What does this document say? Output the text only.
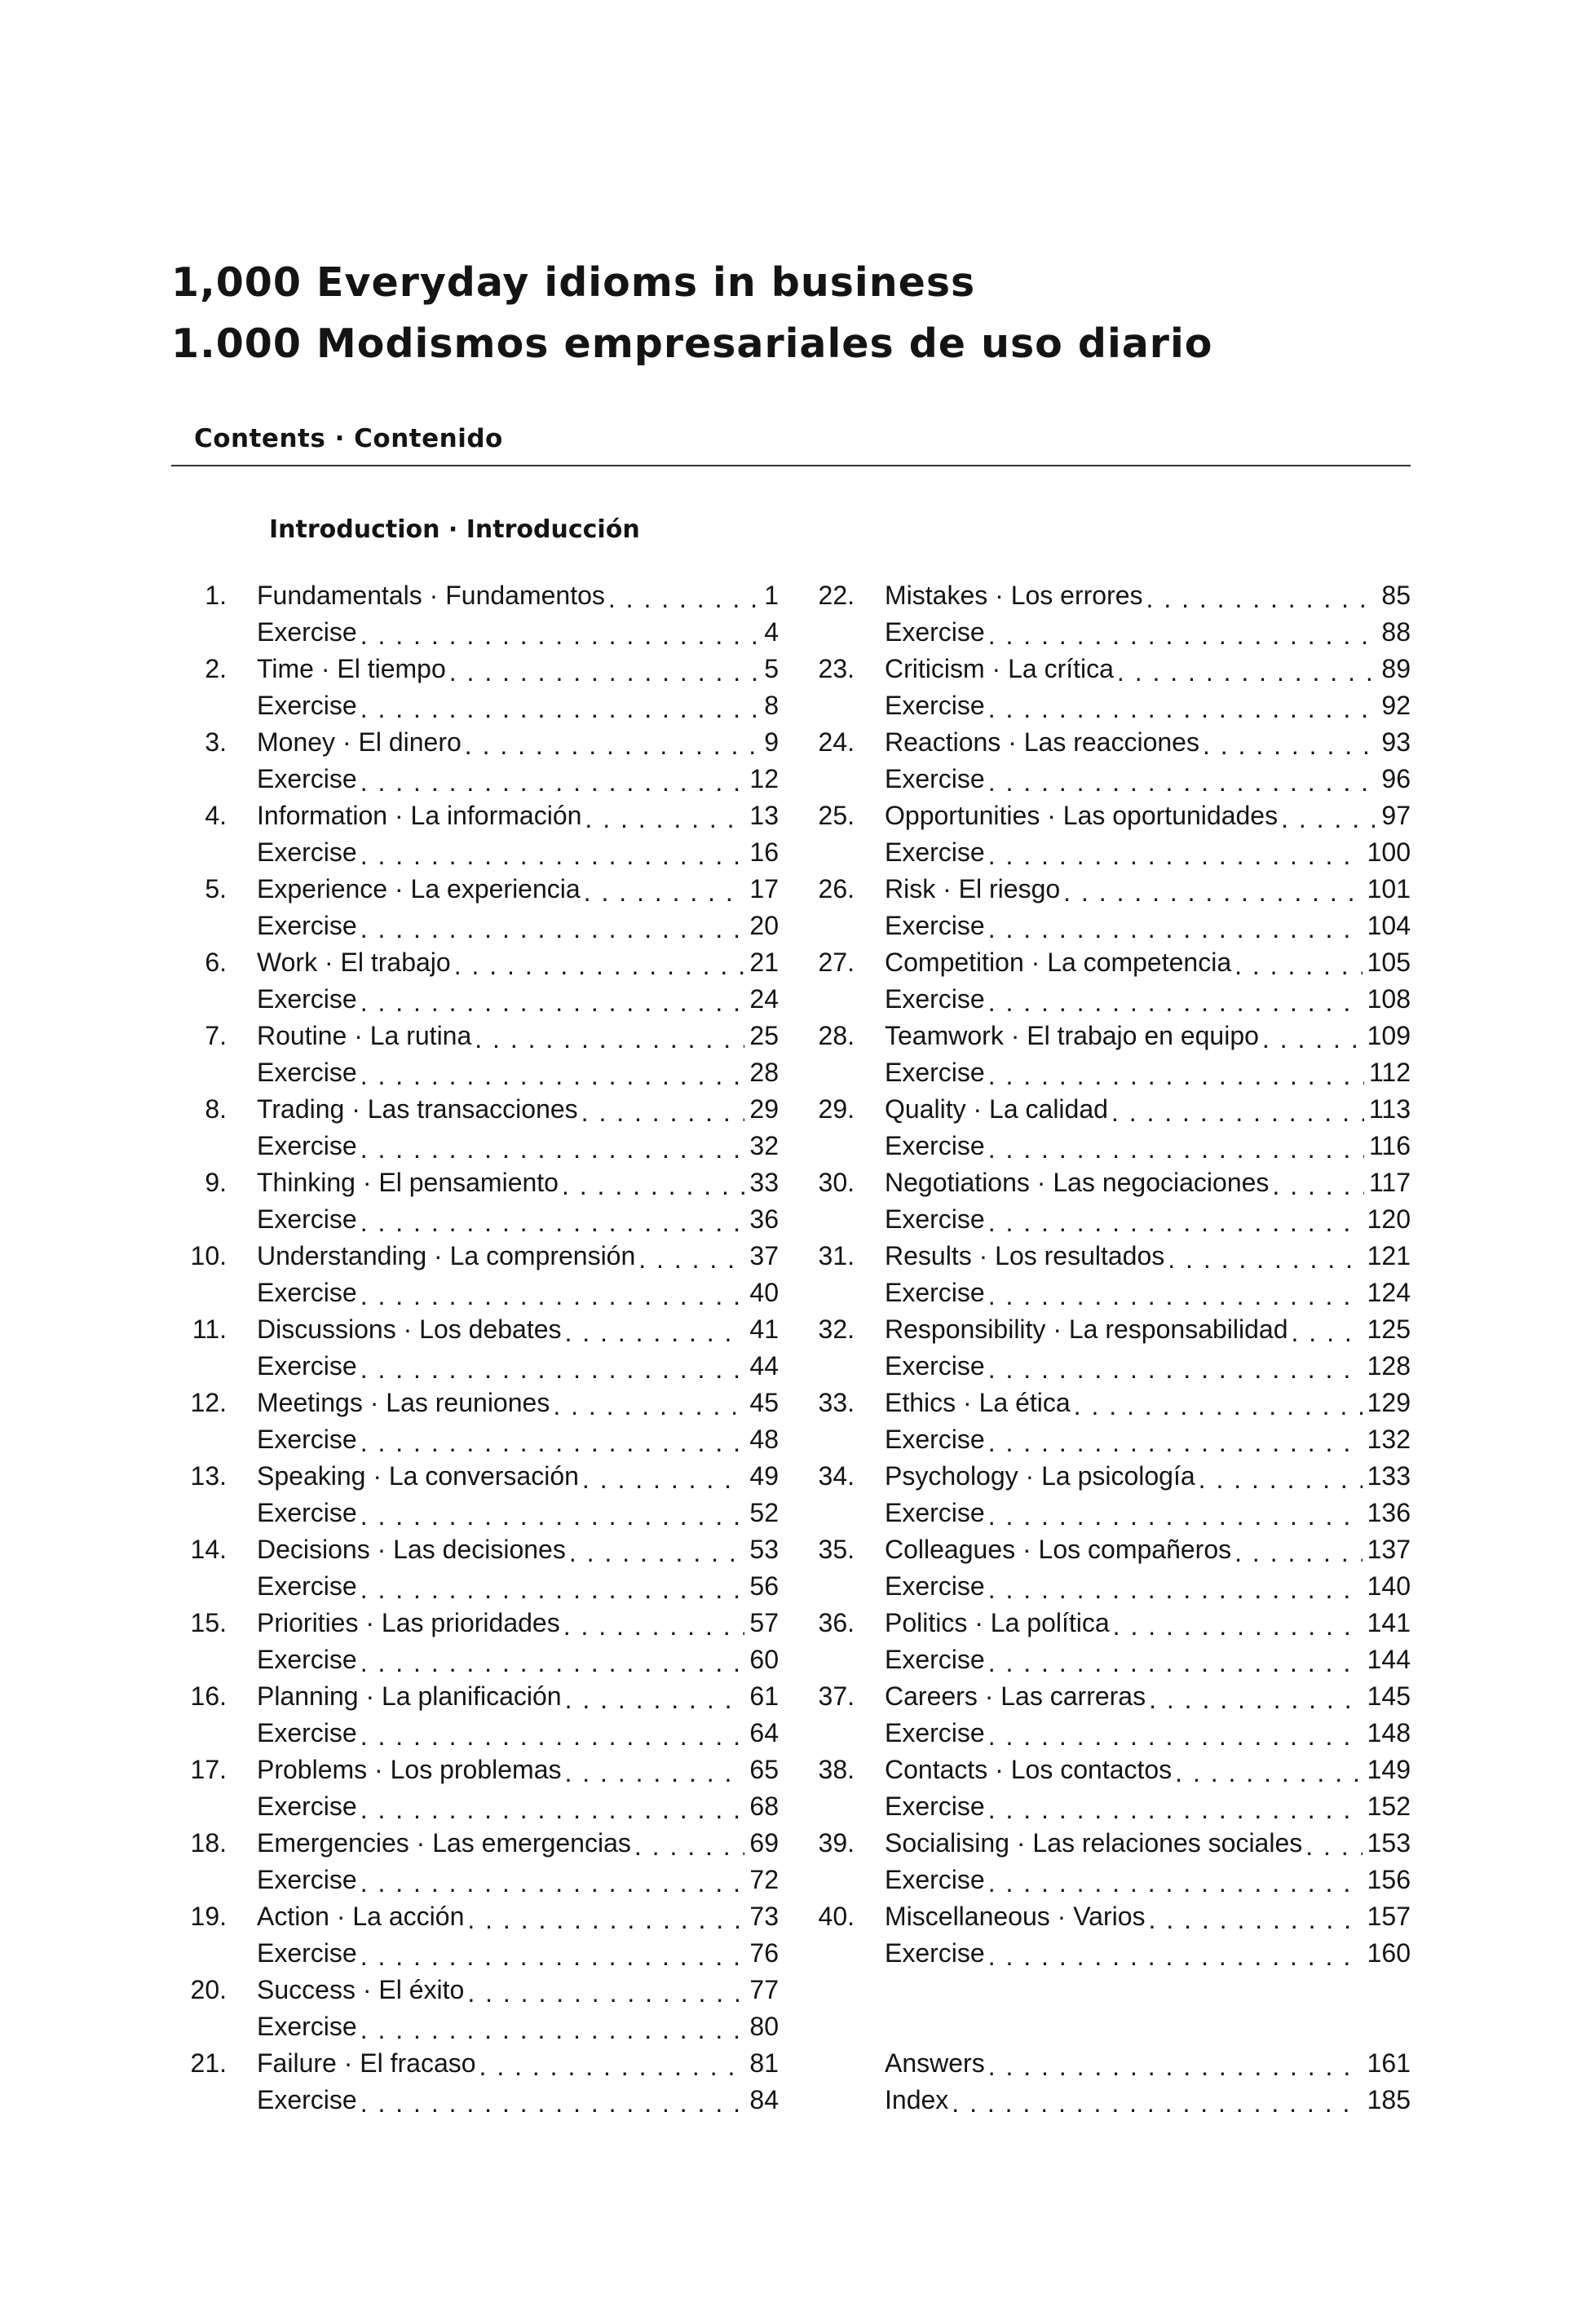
1,000 Everyday idioms in business
1.000 Modismos empresariales de uso diario
Contents · Contenido
Introduction · Introducción
1. Fundamentals · Fundamentos . . .	1
Exercise . . .	4
2. Time · El tiempo . . .	5
Exercise . . .	8
3. Money · El dinero . . .	9
Exercise . . .	12
4. Information · La información . . .	13
Exercise . . .	16
5. Experience · La experiencia . . .	17
Exercise . . .	20
6. Work · El trabajo . . .	21
Exercise . . .	24
7. Routine · La rutina . . .	25
Exercise . . .	28
8. Trading · Las transacciones . . .	29
Exercise . . .	32
9. Thinking · El pensamiento . . .	33
Exercise . . .	36
10. Understanding · La comprensión . . .	37
Exercise . . .	40
11. Discussions · Los debates . . .	41
Exercise . . .	44
12. Meetings · Las reuniones . . .	45
Exercise . . .	48
13. Speaking · La conversación . . .	49
Exercise . . .	52
14. Decisions · Las decisiones . . .	53
Exercise . . .	56
15. Priorities · Las prioridades . . .	57
Exercise . . .	60
16. Planning · La planificación . . .	61
Exercise . . .	64
17. Problems · Los problemas . . .	65
Exercise . . .	68
18. Emergencies · Las emergencias . . .	69
Exercise . . .	72
19. Action · La acción . . .	73
Exercise . . .	76
20. Success · El éxito . . .	77
Exercise . . .	80
21. Failure · El fracaso . . .	81
Exercise . . .	84
22. Mistakes · Los errores . . .	85
Exercise . . .	88
23. Criticism · La crítica . . .	89
Exercise . . .	92
24. Reactions · Las reacciones . . .	93
Exercise . . .	96
25. Opportunities · Las oportunidades . . .	97
Exercise . . .	100
26. Risk · El riesgo . . .	101
Exercise . . .	104
27. Competition · La competencia . . .	105
Exercise . . .	108
28. Teamwork · El trabajo en equipo . . .	109
Exercise . . .	112
29. Quality · La calidad . . .	113
Exercise . . .	116
30. Negotiations · Las negociaciones . . .	117
Exercise . . .	120
31. Results · Los resultados . . .	121
Exercise . . .	124
32. Responsibility · La responsabilidad . . .	125
Exercise . . .	128
33. Ethics · La ética . . .	129
Exercise . . .	132
34. Psychology · La psicología . . .	133
Exercise . . .	136
35. Colleagues · Los compañeros . . .	137
Exercise . . .	140
36. Politics · La política . . .	141
Exercise . . .	144
37. Careers · Las carreras . . .	145
Exercise . . .	148
38. Contacts · Los contactos . . .	149
Exercise . . .	152
39. Socialising · Las relaciones sociales . . . 153
Exercise . . .	156
40. Miscellaneous · Varios . . .	157
Exercise . . .	160
Answers . . .	161
Index . . .	185
